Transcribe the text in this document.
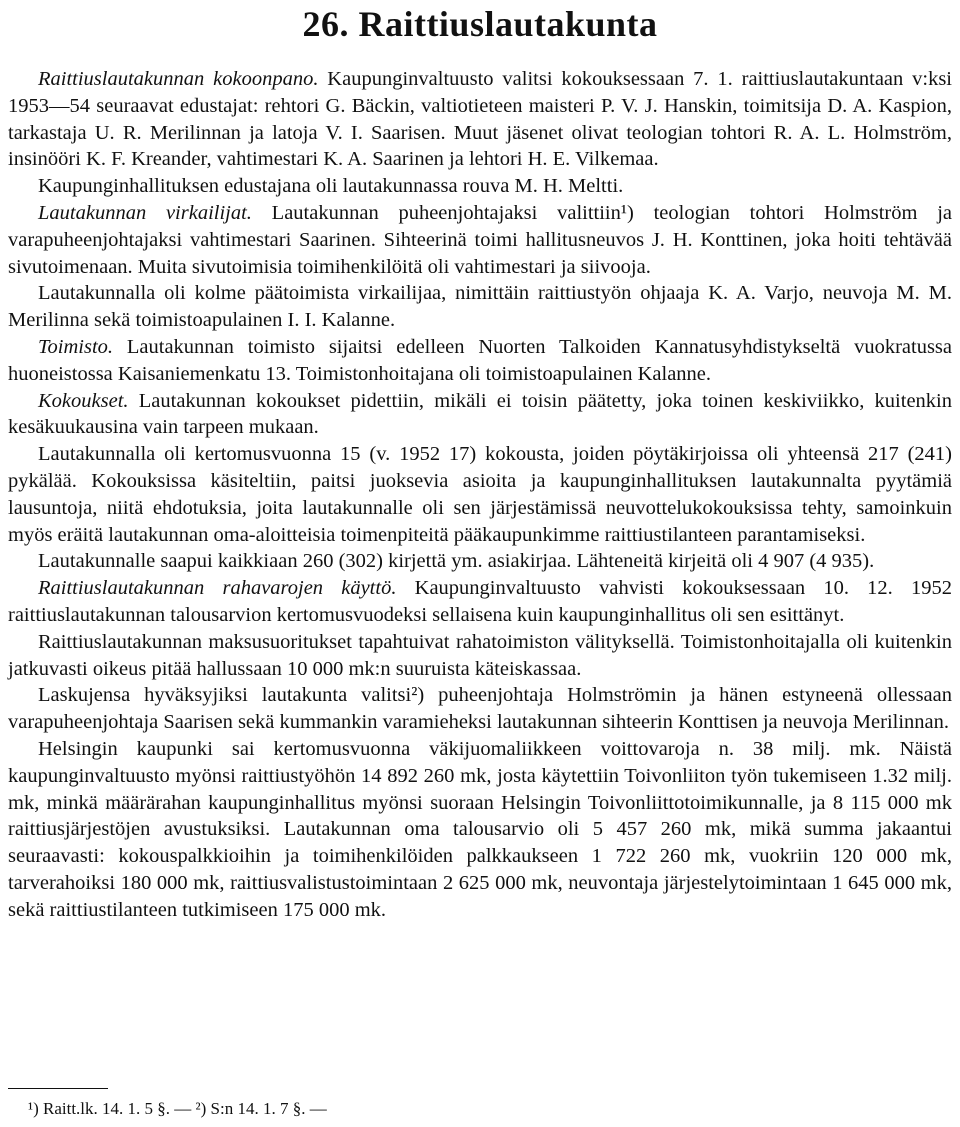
26. Raittiuslautakunta

Raittiuslautakunnan kokoonpano. Kaupunginvaltuusto valitsi kokouksessaan 7. 1. raittiuslautakuntaan v:ksi 1953—54 seuraavat edustajat: rehtori G. Bäckin, valtiotieteen maisteri P. V. J. Hanskin, toimitsija D. A. Kaspion, tarkastaja U. R. Merilinnan ja latoja V. I. Saarisen. Muut jäsenet olivat teologian tohtori R. A. L. Holmström, insinööri K. F. Kreander, vahtimestari K. A. Saarinen ja lehtori H. E. Vilkemaa.

Kaupunginhallituksen edustajana oli lautakunnassa rouva M. H. Meltti.

Lautakunnan virkailijat. Lautakunnan puheenjohtajaksi valittiin¹) teologian tohtori Holmström ja varapuheenjohtajaksi vahtimestari Saarinen. Sihteerinä toimi hallitusneuvos J. H. Konttinen, joka hoiti tehtävää sivutoimenaan. Muita sivutoimisia toimihenkilöitä oli vahtimestari ja siivooja.

Lautakunnalla oli kolme päätoimista virkailijaa, nimittäin raittiustyön ohjaaja K. A. Varjo, neuvoja M. M. Merilinna sekä toimistoapulainen I. I. Kalanne.

Toimisto. Lautakunnan toimisto sijaitsi edelleen Nuorten Talkoiden Kannatusyhdistykseltä vuokratussa huoneistossa Kaisaniemenkatu 13. Toimistonhoitajana oli toimistoapulainen Kalanne.

Kokoukset. Lautakunnan kokoukset pidettiin, mikäli ei toisin päätetty, joka toinen keskiviikko, kuitenkin kesäkuukausina vain tarpeen mukaan.

Lautakunnalla oli kertomusvuonna 15 (v. 1952 17) kokousta, joiden pöytäkirjoissa oli yhteensä 217 (241) pykälää. Kokouksissa käsiteltiin, paitsi juoksevia asioita ja kaupunginhallituksen lautakunnalta pyytämiä lausuntoja, niitä ehdotuksia, joita lautakunnalle oli sen järjestämissä neuvottelukokouksissa tehty, samoinkuin myös eräitä lautakunnan oma-aloitteisia toimenpiteitä pääkaupunkimme raittiustilanteen parantamiseksi.

Lautakunnalle saapui kaikkiaan 260 (302) kirjettä ym. asiakirjaa. Lähteneitä kirjeitä oli 4 907 (4 935).

Raittiuslautakunnan rahavarojen käyttö. Kaupunginvaltuusto vahvisti kokouksessaan 10. 12. 1952 raittiuslautakunnan talousarvion kertomusvuodeksi sellaisena kuin kaupunginhallitus oli sen esittänyt.

Raittiuslautakunnan maksusuoritukset tapahtuivat rahatoimiston välityksellä. Toimistonhoitajalla oli kuitenkin jatkuvasti oikeus pitää hallussaan 10 000 mk:n suuruista käteiskassaa.

Laskujensa hyväksyjiksi lautakunta valitsi²) puheenjohtaja Holmströmin ja hänen estyneenä ollessaan varapuheenjohtaja Saarisen sekä kummankin varamieheksi lautakunnan sihteerin Konttisen ja neuvoja Merilinnan.

Helsingin kaupunki sai kertomusvuonna väkijuomaliikkeen voittovaroja n. 38 milj. mk. Näistä kaupunginvaltuusto myönsi raittiustyöhön 14 892 260 mk, josta käytettiin Toivonliiton työn tukemiseen 1.32 milj. mk, minkä määrärahan kaupunginhallitus myönsi suoraan Helsingin Toivonliittotoimikunnalle, ja 8 115 000 mk raittiusjärjestöjen avustuksiksi. Lautakunnan oma talousarvio oli 5 457 260 mk, mikä summa jakaantui seuraavasti: kokouspalkkioihin ja toimihenkilöiden palkkaukseen 1 722 260 mk, vuokriin 120 000 mk, tarverahoiksi 180 000 mk, raittiusvalistustoimintaan 2 625 000 mk, neuvontaja järjestelytoimintaan 1 645 000 mk, sekä raittiustilanteen tutkimiseen 175 000 mk.

¹) Raitt.lk. 14. 1. 5 §. — ²) S:n 14. 1. 7 §. —
